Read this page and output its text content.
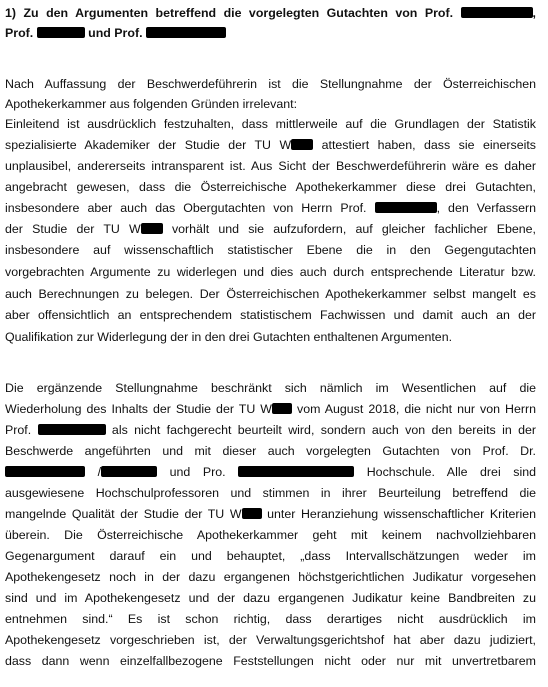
1) Zu den Argumenten betreffend die vorgelegten Gutachten von Prof.	,
Prof.	und Prof.
Nach Auffassung der Beschwerdeführerin ist die Stellungnahme der Österreichischen
Apothekerkammer aus folgenden Gründen irrelevant:
Einleitend ist ausdrücklich festzuhalten, dass mittlerweile auf die Grundlagen der Statistik
spezialisierte Akademiker der Studie der TU W attestiert haben, dass sie einerseits
unplausibel, andererseits intransparent ist. Aus Sicht der Beschwerdeführerin wäre es daher
angebracht gewesen, dass die Österreichische Apothekerkammer diese drei Gutachten,
insbesondere aber auch das Obergutachten von Herrn Prof.	, den Verfassern
der Studie der TU W	vorhält und sie aufzufordern, auf gleicher fachlicher Ebene,
insbesondere auf wissenschaftlich statistischer Ebene die in den Gegengutachten
vorgebrachten Argumente zu widerlegen und dies auch durch entsprechende Literatur bzw.
auch Berechnungen zu belegen. Der Österreichischen Apothekerkammer selbst mangelt es
aber offensichtlich an entsprechendem statistischem Fachwissen und damit auch an der
Qualifikation zur Widerlegung der in den drei Gutachten enthaltenen Argumenten.
Die ergänzende Stellungnahme beschränkt sich nämlich im Wesentlichen auf die
Wiederholung des Inhalts der Studie der TU W vom August 2018, die nicht nur von Herrn
Prof.	als nicht fachgerecht beurteilt wird, sondern auch von den bereits in der
Beschwerde angeführten und mit dieser auch vorgelegten Gutachten von Prof. Dr.
/	und Pro.	Hochschule. Alle drei sind
ausgewiesene Hochschulprofessoren und stimmen in ihrer Beurteilung betreffend die
mangelnde Qualität der Studie der TU W unter Heranziehung wissenschaftlicher Kriterien
überein. Die Österreichische Apothekerkammer geht mit keinem nachvollziehbaren
Gegenargument darauf ein und behauptet, „dass Intervallschätzungen weder im
Apothekengesetz noch in der dazu ergangenen höchstgerichtlichen Judikatur vorgesehen
sind und im Apothekengesetz und der dazu ergangenen Judikatur keine Bandbreiten zu
entnehmen sind.“ Es ist schon richtig, dass derartiges nicht ausdrücklich im
Apothekengesetz vorgeschrieben ist, der Verwaltungsgerichtshof hat aber dazu judiziert,
dass dann wenn einzelfallbezogene Feststellungen nicht oder nur mit unvertretbarem
